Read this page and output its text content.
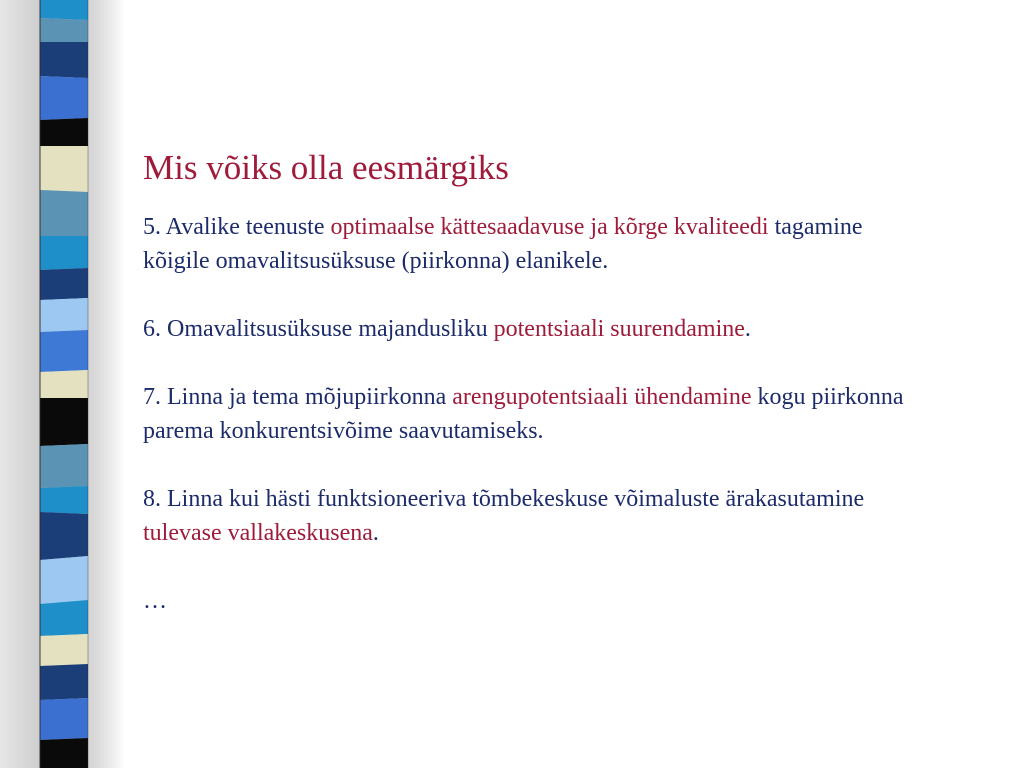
Mis võiks olla eesmärgiks

5. Avalike teenuste optimaalse kättesaadavuse ja kõrge kvaliteedi tagamine kõigile omavalitsusüksuse (piirkonna) elanikele.

6. Omavalitsusüksuse majandusliku potentsiaali suurendamine.

7. Linna ja tema mõjupiirkonna arengupotentsiaali ühendamine kogu piirkonna parema konkurentsivõime saavutamiseks.

8. Linna kui hästi funktsioneeriva tõmbekeskuse võimaluste ärakasutamine tulevase vallakeskusena.

…
